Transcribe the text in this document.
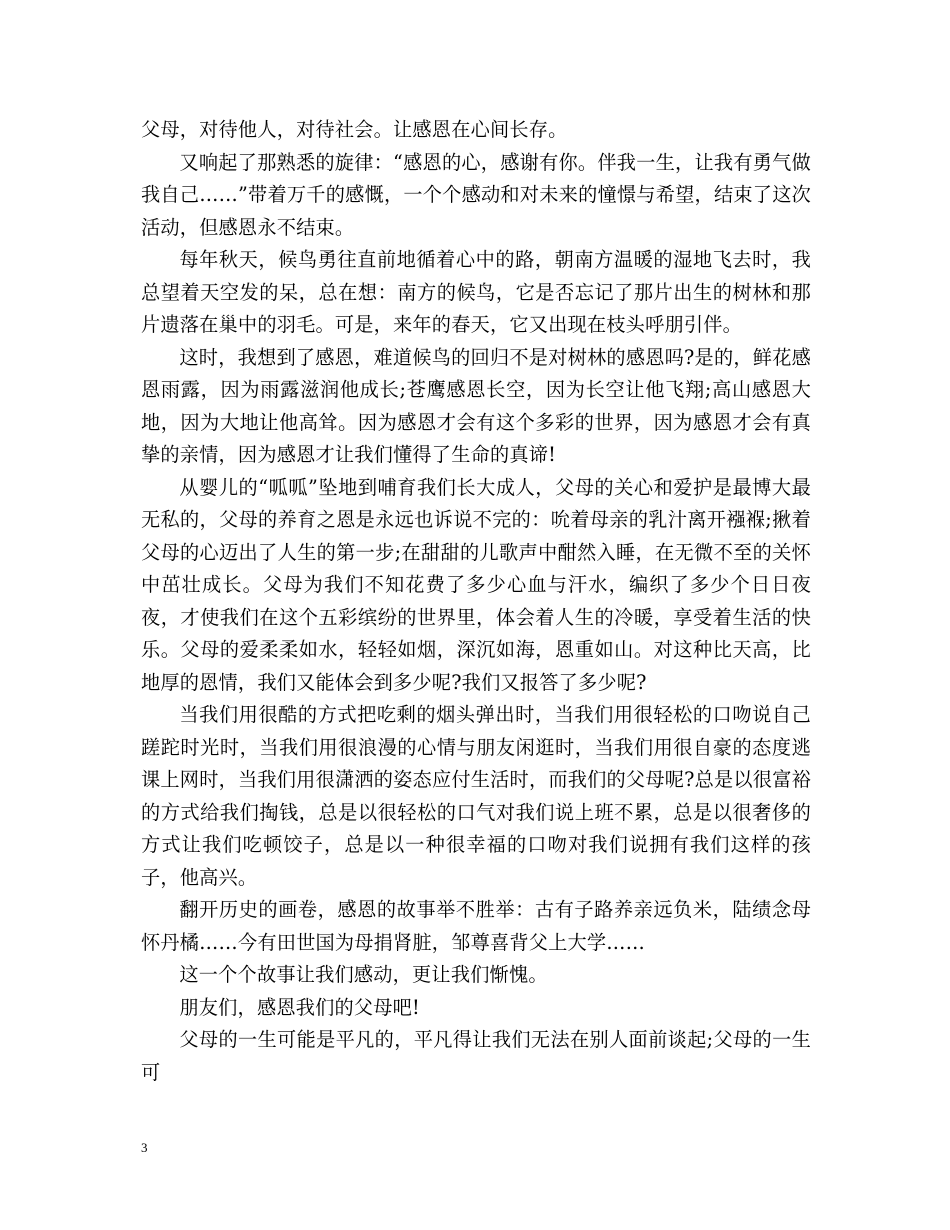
父母，对待他人，对待社会。让感恩在心间长存。

又响起了那熟悉的旋律：“感恩的心，感谢有你。伴我一生，让我有勇气做我自己……”带着万千的感慨，一个个感动和对未来的憧憬与希望，结束了这次活动，但感恩永不结束。

每年秋天，候鸟勇往直前地循着心中的路，朝南方温暖的湿地飞去时，我总望着天空发的呆，总在想：南方的候鸟，它是否忘记了那片出生的树林和那片遗落在巢中的羽毛。可是，来年的春天，它又出现在枝头呼朋引伴。

这时，我想到了感恩，难道候鸟的回归不是对树林的感恩吗?是的，鲜花感恩雨露，因为雨露滋润他成长;苍鹰感恩长空，因为长空让他飞翔;高山感恩大地，因为大地让他高耸。因为感恩才会有这个多彩的世界，因为感恩才会有真挚的亲情，因为感恩才让我们懂得了生命的真谛!

从婴儿的“呱呱”坠地到哺育我们长大成人，父母的关心和爱护是最博大最无私的，父母的养育之恩是永远也诉说不完的：吮着母亲的乳汁离开襁褓;揪着父母的心迈出了人生的第一步;在甜甜的儿歌声中酣然入睡，在无微不至的关怀中茁壮成长。父母为我们不知花费了多少心血与汗水，编织了多少个日日夜夜，才使我们在这个五彩缤纷的世界里，体会着人生的冷暖，享受着生活的快乐。父母的爱柔柔如水，轻轻如烟，深沉如海，恩重如山。对这种比天高，比地厚的恩情，我们又能体会到多少呢?我们又报答了多少呢?

当我们用很酷的方式把吃剩的烟头弹出时，当我们用很轻松的口吻说自己蹉跎时光时，当我们用很浪漫的心情与朋友闲逛时，当我们用很自豪的态度逃课上网时，当我们用很潇洒的姿态应付生活时，而我们的父母呢?总是以很富裕的方式给我们掏钱，总是以很轻松的口气对我们说上班不累，总是以很奢侈的方式让我们吃顿饺子，总是以一种很幸福的口吻对我们说拥有我们这样的孩子，他高兴。

翻开历史的画卷，感恩的故事举不胜举：古有子路养亲远负米，陆绩念母怀丹橘……今有田世国为母捐肾脏，邹尊喜背父上大学……

这一个个故事让我们感动，更让我们惭愧。

朋友们，感恩我们的父母吧!

父母的一生可能是平凡的，平凡得让我们无法在别人面前谈起;父母的一生可

3
